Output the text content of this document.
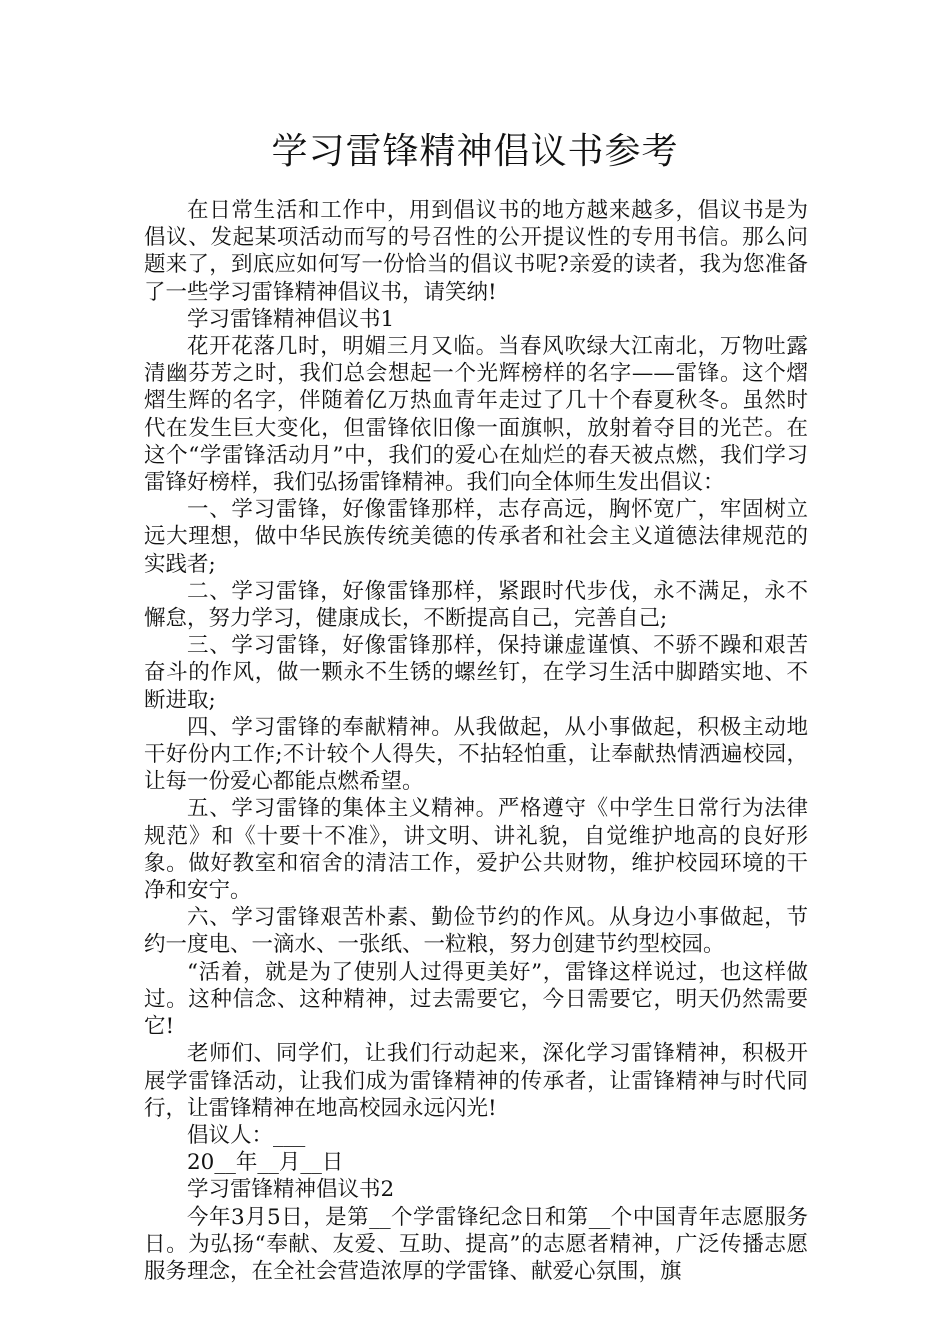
学习雷锋精神倡议书参考

在日常生活和工作中，用到倡议书的地方越来越多，倡议书是为倡议、发起某项活动而写的号召性的公开提议性的专用书信。那么问题来了，到底应如何写一份恰当的倡议书呢?亲爱的读者，我为您准备了一些学习雷锋精神倡议书，请笑纳!

学习雷锋精神倡议书1

花开花落几时，明媚三月又临。当春风吹绿大江南北，万物吐露清幽芬芳之时，我们总会想起一个光辉榜样的名字——雷锋。这个熠熠生辉的名字，伴随着亿万热血青年走过了几十个春夏秋冬。虽然时代在发生巨大变化，但雷锋依旧像一面旗帜，放射着夺目的光芒。在这个“学雷锋活动月”中，我们的爱心在灿烂的春天被点燃，我们学习雷锋好榜样，我们弘扬雷锋精神。我们向全体师生发出倡议：

一、学习雷锋，好像雷锋那样，志存高远，胸怀宽广，牢固树立远大理想，做中华民族传统美德的传承者和社会主义道德法律规范的实践者;

二、学习雷锋，好像雷锋那样，紧跟时代步伐，永不满足，永不懈怠，努力学习，健康成长，不断提高自己，完善自己;

三、学习雷锋，好像雷锋那样，保持谦虚谨慎、不骄不躁和艰苦奋斗的作风，做一颗永不生锈的螺丝钉，在学习生活中脚踏实地、不断进取;

四、学习雷锋的奉献精神。从我做起，从小事做起，积极主动地干好份内工作;不计较个人得失，不拈轻怕重，让奉献热情洒遍校园，让每一份爱心都能点燃希望。

五、学习雷锋的集体主义精神。严格遵守《中学生日常行为法律规范》和《十要十不准》，讲文明、讲礼貌，自觉维护地高的良好形象。做好教室和宿舍的清洁工作，爱护公共财物，维护校园环境的干净和安宁。

六、学习雷锋艰苦朴素、勤俭节约的作风。从身边小事做起，节约一度电、一滴水、一张纸、一粒粮，努力创建节约型校园。

“活着，就是为了使别人过得更美好”，雷锋这样说过，也这样做过。这种信念、这种精神，过去需要它，今日需要它，明天仍然需要它!

老师们、同学们，让我们行动起来，深化学习雷锋精神，积极开展学雷锋活动，让我们成为雷锋精神的传承者，让雷锋精神与时代同行，让雷锋精神在地高校园永远闪光!

倡议人：___

20__年__月__日

学习雷锋精神倡议书2

今年3月5日，是第__个学雷锋纪念日和第__个中国青年志愿服务日。为弘扬“奉献、友爱、互助、提高”的志愿者精神，广泛传播志愿服务理念，在全社会营造浓厚的学雷锋、献爱心氛围，旗
